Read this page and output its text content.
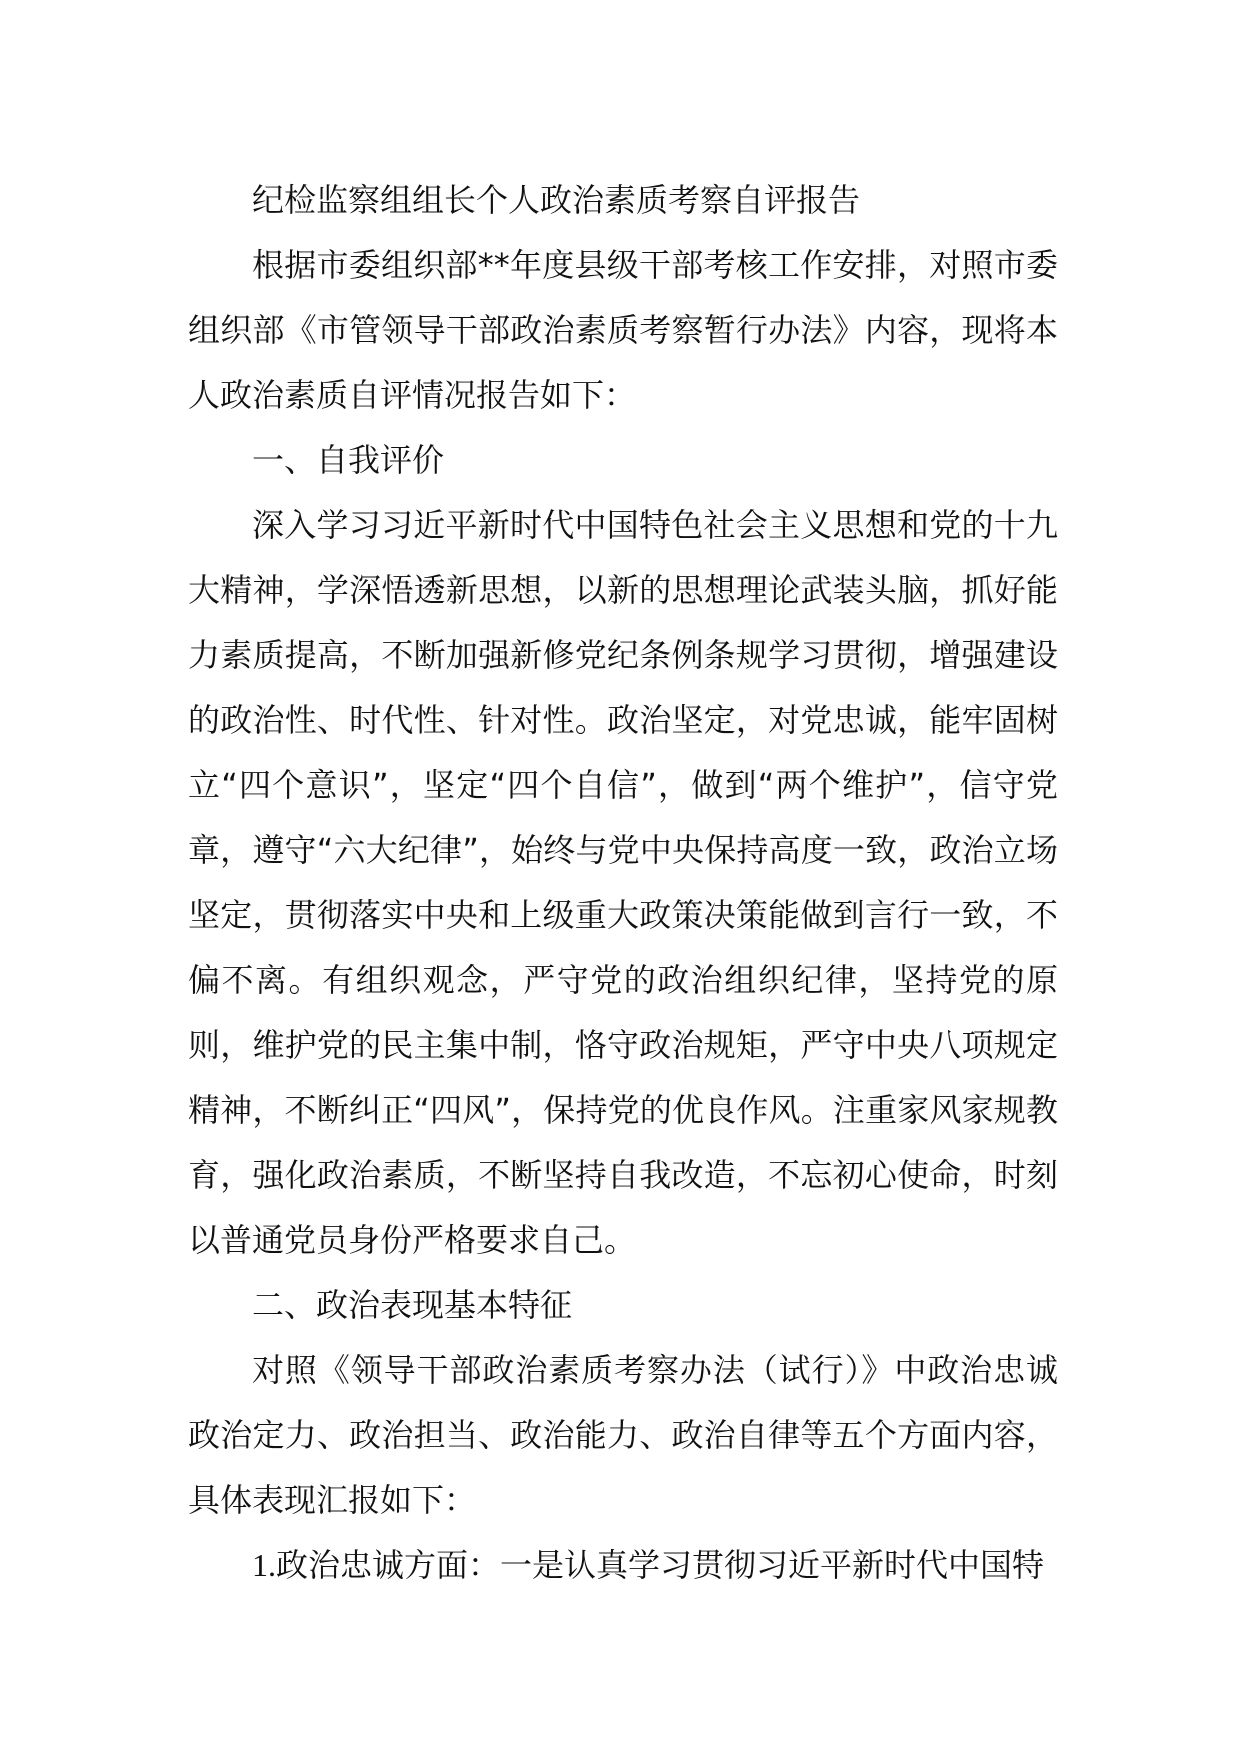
纪检监察组组长个人政治素质考察自评报告

根据市委组织部**年度县级干部考核工作安排，对照市委组织部《市管领导干部政治素质考察暂行办法》内容，现将本人政治素质自评情况报告如下：

一、自我评价

深入学习习近平新时代中国特色社会主义思想和党的十九大精神，学深悟透新思想，以新的思想理论武装头脑，抓好能力素质提高，不断加强新修党纪条例条规学习贯彻，增强建设的政治性、时代性、针对性。政治坚定，对党忠诚，能牢固树立“四个意识”，坚定“四个自信”，做到“两个维护”，信守党章，遵守“六大纪律”，始终与党中央保持高度一致，政治立场坚定，贯彻落实中央和上级重大政策决策能做到言行一致，不偏不离。有组织观念，严守党的政治组织纪律，坚持党的原则，维护党的民主集中制，恪守政治规矩，严守中央八项规定精神，不断纠正“四风”，保持党的优良作风。注重家风家规教育，强化政治素质，不断坚持自我改造，不忘初心使命，时刻以普通党员身份严格要求自己。

二、政治表现基本特征

对照《领导干部政治素质考察办法（试行）》中政治忠诚政治定力、政治担当、政治能力、政治自律等五个方面内容，具体表现汇报如下：

1.政治忠诚方面：一是认真学习贯彻习近平新时代中国特
